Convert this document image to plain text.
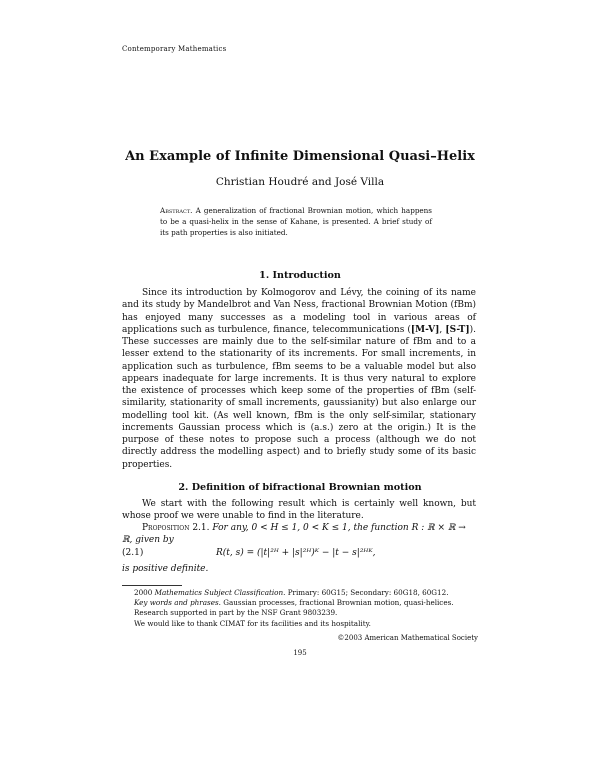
Contemporary Mathematics
An Example of Infinite Dimensional Quasi–Helix
Christian Houdré and José Villa
Abstract. A generalization of fractional Brownian motion, which happens to be a quasi-helix in the sense of Kahane, is presented. A brief study of its path properties is also initiated.
1. Introduction
Since its introduction by Kolmogorov and Lévy, the coining of its name and its study by Mandelbrot and Van Ness, fractional Brownian Motion (fBm) has enjoyed many successes as a modeling tool in various areas of applications such as turbulence, finance, telecommunications ([M-V], [S-T]). These successes are mainly due to the self-similar nature of fBm and to a lesser extend to the stationarity of its increments. For small increments, in application such as turbulence, fBm seems to be a valuable model but also appears inadequate for large increments. It is thus very natural to explore the existence of processes which keep some of the properties of fBm (self-similarity, stationarity of small increments, gaussianity) but also enlarge our modelling tool kit. (As well known, fBm is the only self-similar, stationary increments Gaussian process which is (a.s.) zero at the origin.) It is the purpose of these notes to propose such a process (although we do not directly address the modelling aspect) and to briefly study some of its basic properties.
2. Definition of bifractional Brownian motion
We start with the following result which is certainly well known, but whose proof we were unable to find in the literature.
Proposition 2.1. For any, 0 < H ≤ 1, 0 < K ≤ 1, the function R : ℝ × ℝ → ℝ, given by
(2.1)	R(t, s) = (|t|²ᴴ + |s|²ᴴ)ᴷ − |t − s|²ᴴᴷ,
is positive definite.
2000 Mathematics Subject Classification. Primary: 60G15; Secondary: 60G18, 60G12.
Key words and phrases. Gaussian processes, fractional Brownian motion, quasi-helices.
Research supported in part by the NSF Grant 9803239.
We would like to thank CIMAT for its facilities and its hospitality.
©2003 American Mathematical Society
195
